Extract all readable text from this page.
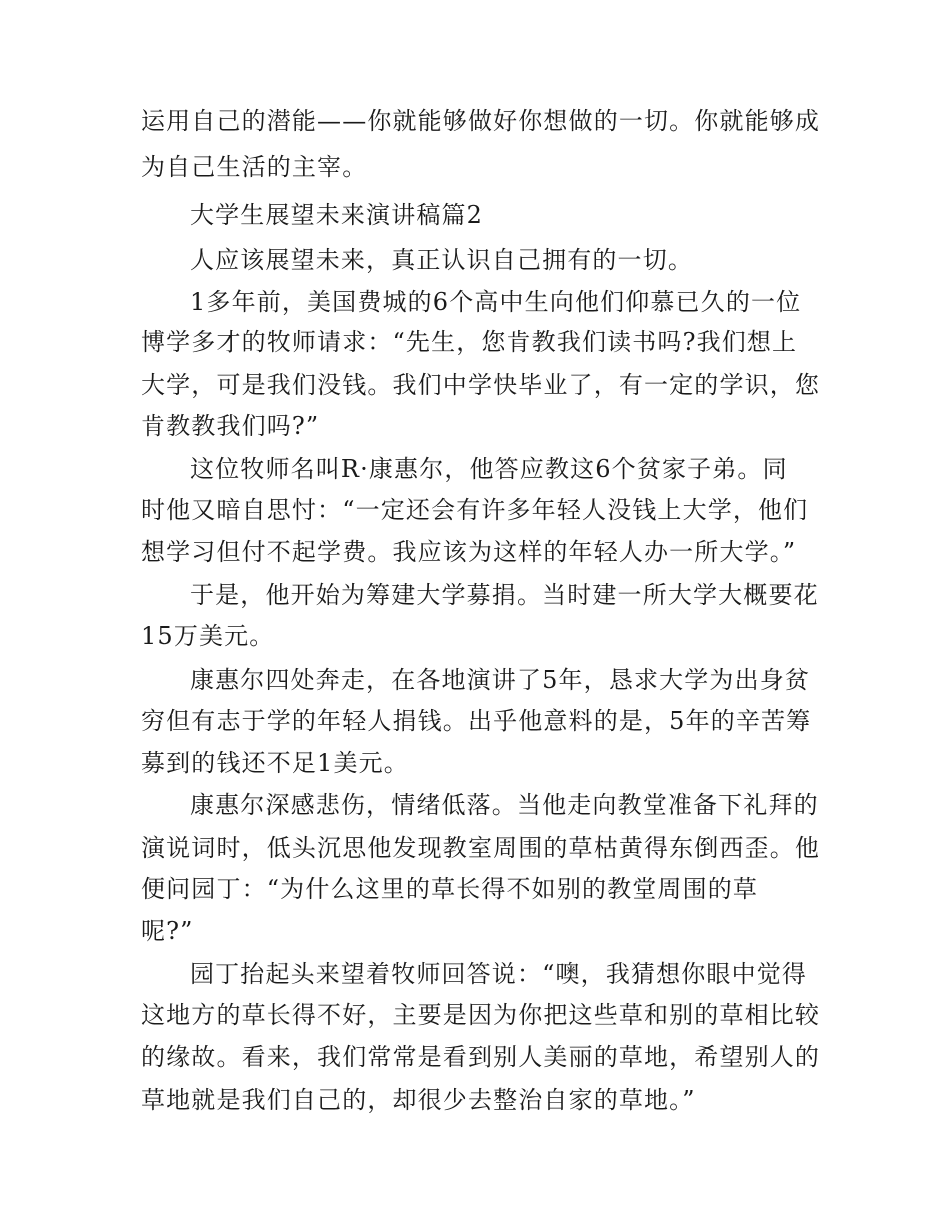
运用自己的潜能——你就能够做好你想做的一切。你就能够成
为自己生活的主宰。
大学生展望未来演讲稿篇2
人应该展望未来，真正认识自己拥有的一切。
1多年前，美国费城的6个高中生向他们仰慕已久的一位
博学多才的牧师请求：“先生，您肯教我们读书吗?我们想上
大学，可是我们没钱。我们中学快毕业了，有一定的学识，您
肯教教我们吗?”
这位牧师名叫R·康惠尔，他答应教这6个贫家子弟。同
时他又暗自思忖：“一定还会有许多年轻人没钱上大学，他们
想学习但付不起学费。我应该为这样的年轻人办一所大学。”
于是，他开始为筹建大学募捐。当时建一所大学大概要花
15万美元。
康惠尔四处奔走，在各地演讲了5年，恳求大学为出身贫
穷但有志于学的年轻人捐钱。出乎他意料的是，5年的辛苦筹
募到的钱还不足1美元。
康惠尔深感悲伤，情绪低落。当他走向教堂准备下礼拜的
演说词时，低头沉思他发现教室周围的草枯黄得东倒西歪。他
便问园丁：“为什么这里的草长得不如别的教堂周围的草
呢?”
园丁抬起头来望着牧师回答说：“噢，我猜想你眼中觉得
这地方的草长得不好，主要是因为你把这些草和别的草相比较
的缘故。看来，我们常常是看到别人美丽的草地，希望别人的
草地就是我们自己的，却很少去整治自家的草地。”
